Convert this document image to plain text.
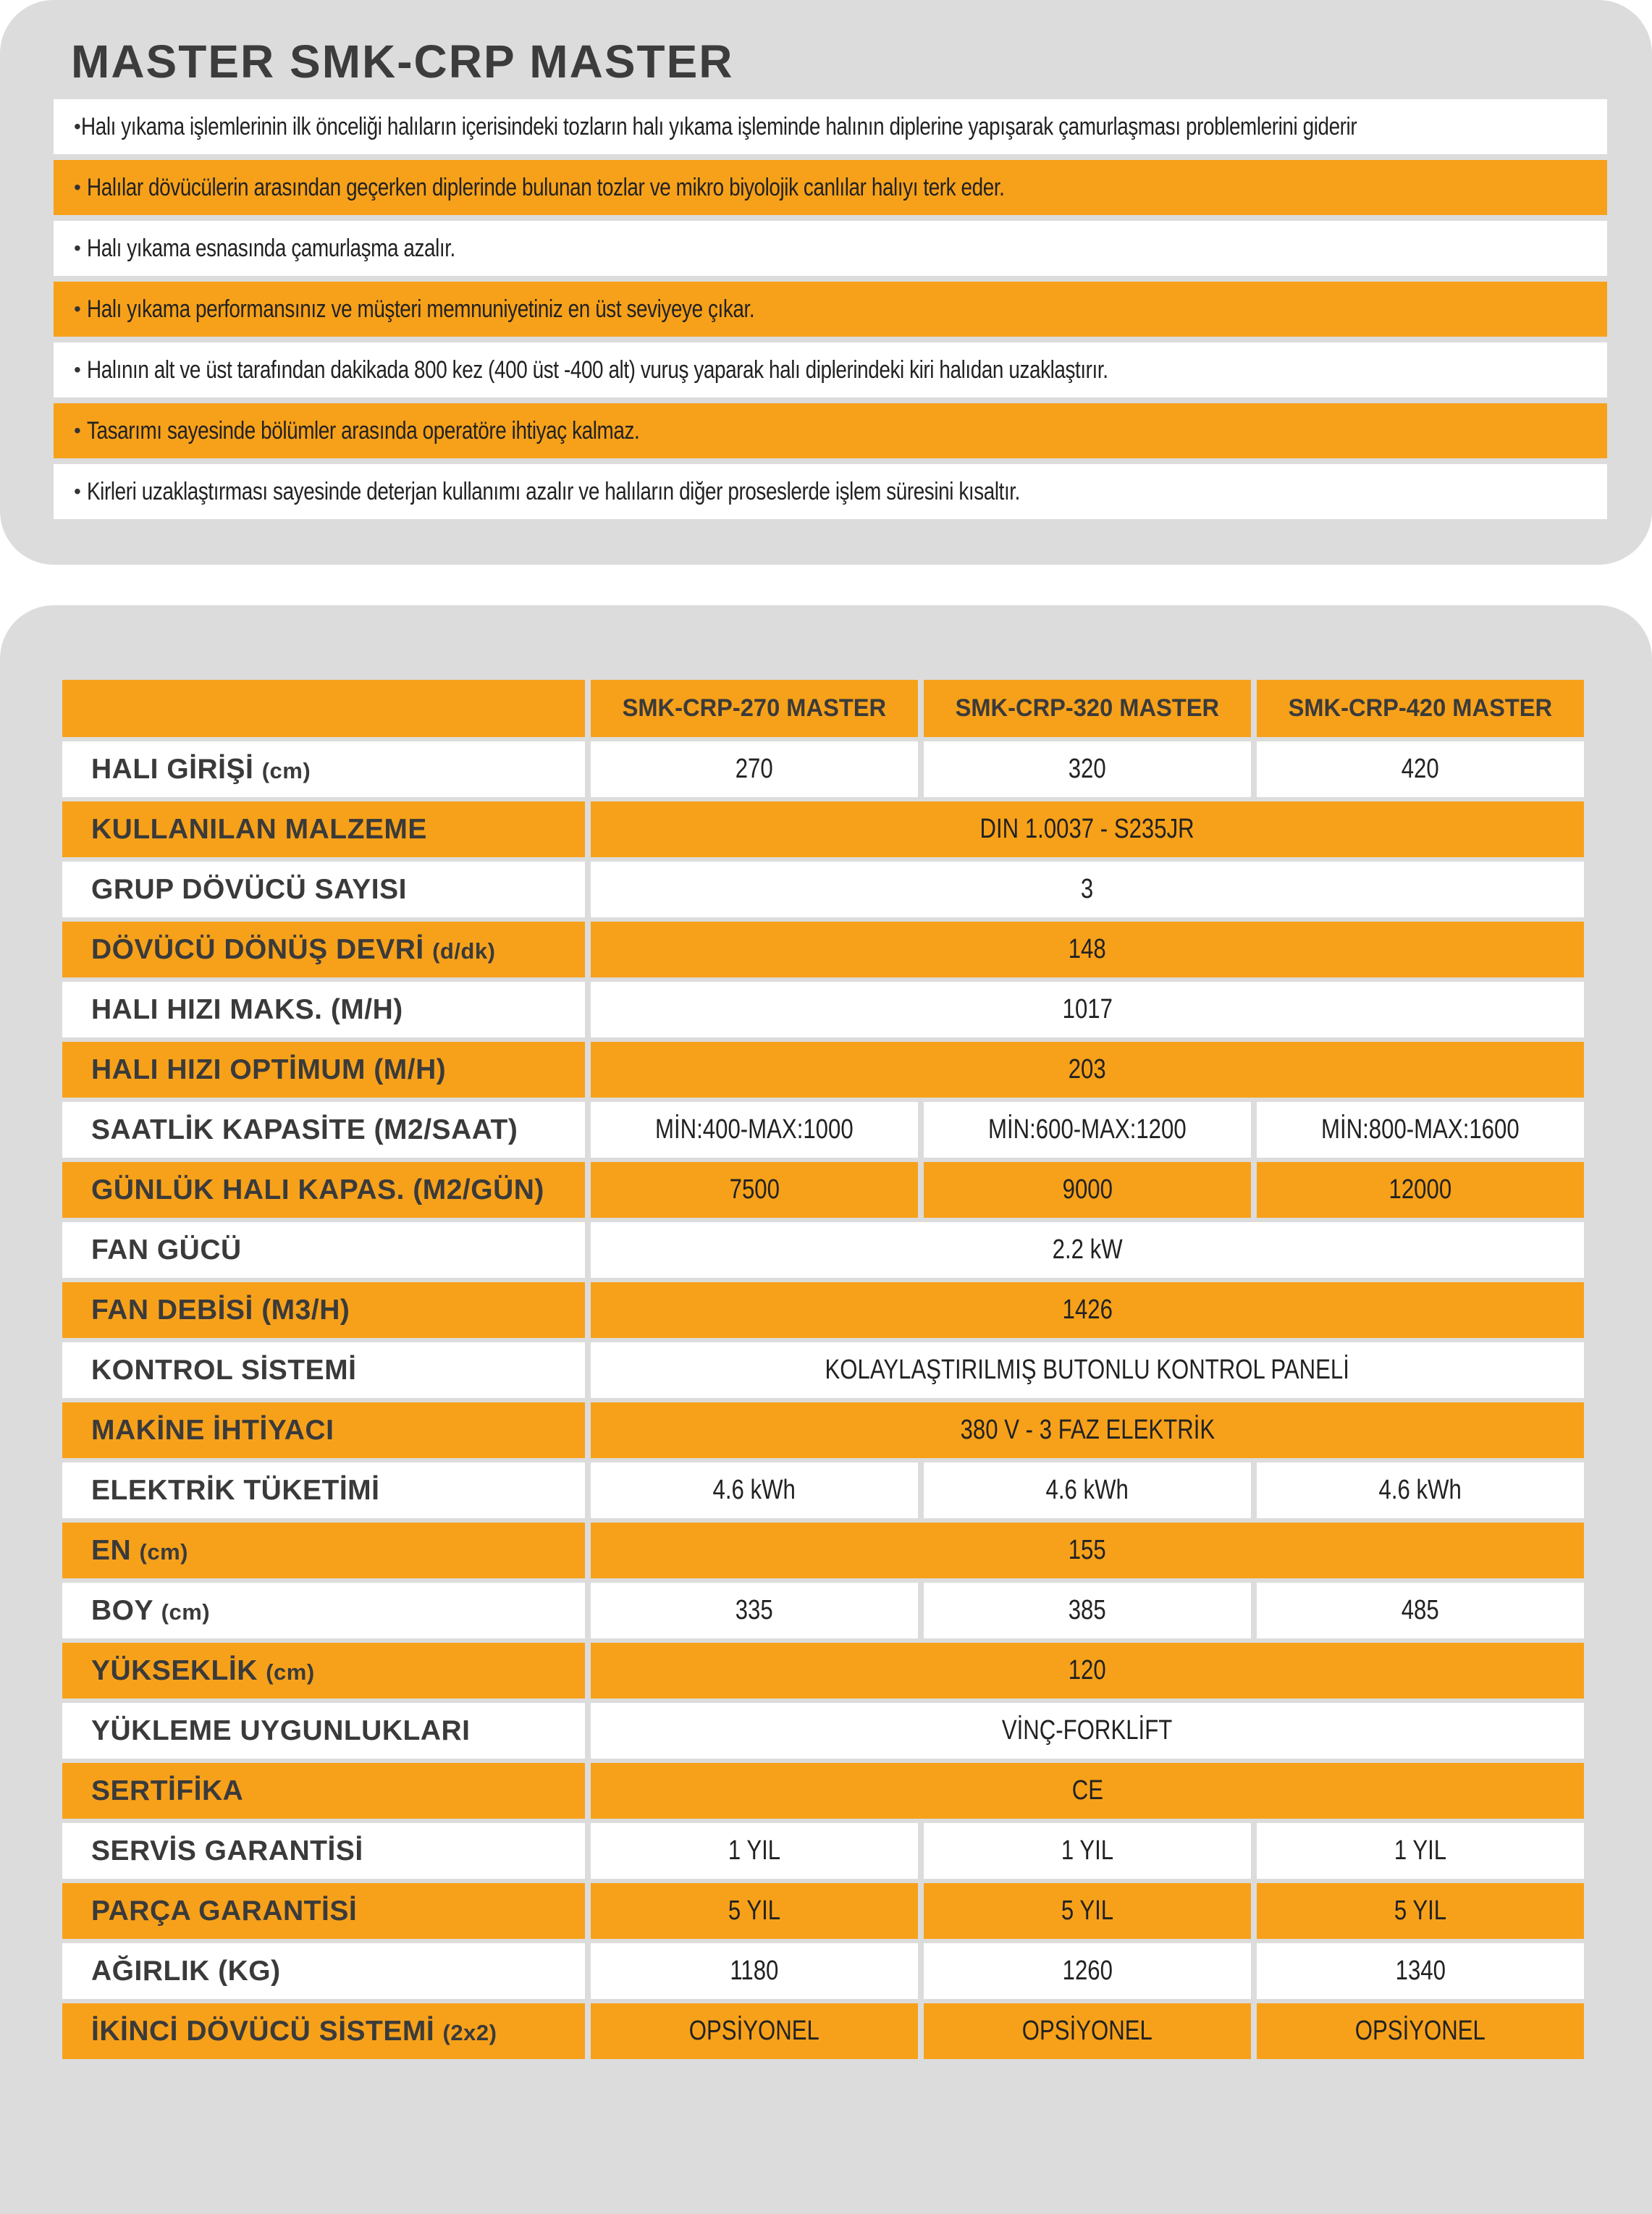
MASTER SMK-CRP MASTER
• Halı yıkama işlemlerinin ilk önceliği halıların içerisindeki tozların halı yıkama işleminde halının diplerine yapışarak çamurlaşması problemlerini giderir
• Halılar dövücülerin arasından geçerken diplerinde bulunan tozlar ve mikro biyolojik canlılar halıyı terk eder.
• Halı yıkama esnasında çamurlaşma azalır.
• Halı yıkama performansınız ve müşteri memnuniyetiniz en üst seviyeye çıkar.
• Halının alt ve üst tarafından dakikada 800 kez (400 üst -400 alt) vuruş yaparak halı diplerindeki kiri halıdan uzaklaştırır.
• Tasarımı sayesinde bölümler arasında operatöre ihtiyaç kalmaz.
• Kirleri uzaklaştırması sayesinde deterjan kullanımı azalır ve halıların diğer proseslerde işlem süresini kısaltır.
	SMK-CRP-270 MASTER	SMK-CRP-320 MASTER	SMK-CRP-420 MASTER
HALI GİRİŞİ (cm)	270	320	420
KULLANILAN MALZEME	DIN 1.0037 - S235JR		
GRUP DÖVÜCÜ SAYISI	3		
DÖVÜCÜ DÖNÜŞ DEVRİ (d/dk)	148		
HALI HIZI MAKS. (M/H)	1017		
HALI HIZI OPTİMUM (M/H)	203		
SAATLİK KAPASİTE (M2/SAAT)	MİN:400-MAX:1000	MİN:600-MAX:1200	MİN:800-MAX:1600
GÜNLÜK HALI KAPAS. (M2/GÜN)	7500	9000	12000
FAN GÜCÜ	2.2 kW		
FAN DEBİSİ (M3/H)	1426		
KONTROL SİSTEMİ	KOLAYLAŞTIRILMIŞ BUTONLU KONTROL PANELİ		
MAKİNE İHTİYACI	380 V - 3 FAZ ELEKTRİK		
ELEKTRİK TÜKETİMİ	4.6 kWh	4.6 kWh	4.6 kWh
EN (cm)	155		
BOY (cm)	335	385	485
YÜKSEKLİK (cm)	120		
YÜKLEME UYGUNLUKLARI	VİNÇ-FORKLİFT		
SERTİFİKA	CE		
SERVİS GARANTİSİ	1 YIL	1 YIL	1 YIL
PARÇA GARANTİSİ	5 YIL	5 YIL	5 YIL
AĞIRLIK (KG)	1180	1260	1340
İKİNCİ DÖVÜCÜ SİSTEMİ (2x2)	OPSİYONEL	OPSİYONEL	OPSİYONEL
